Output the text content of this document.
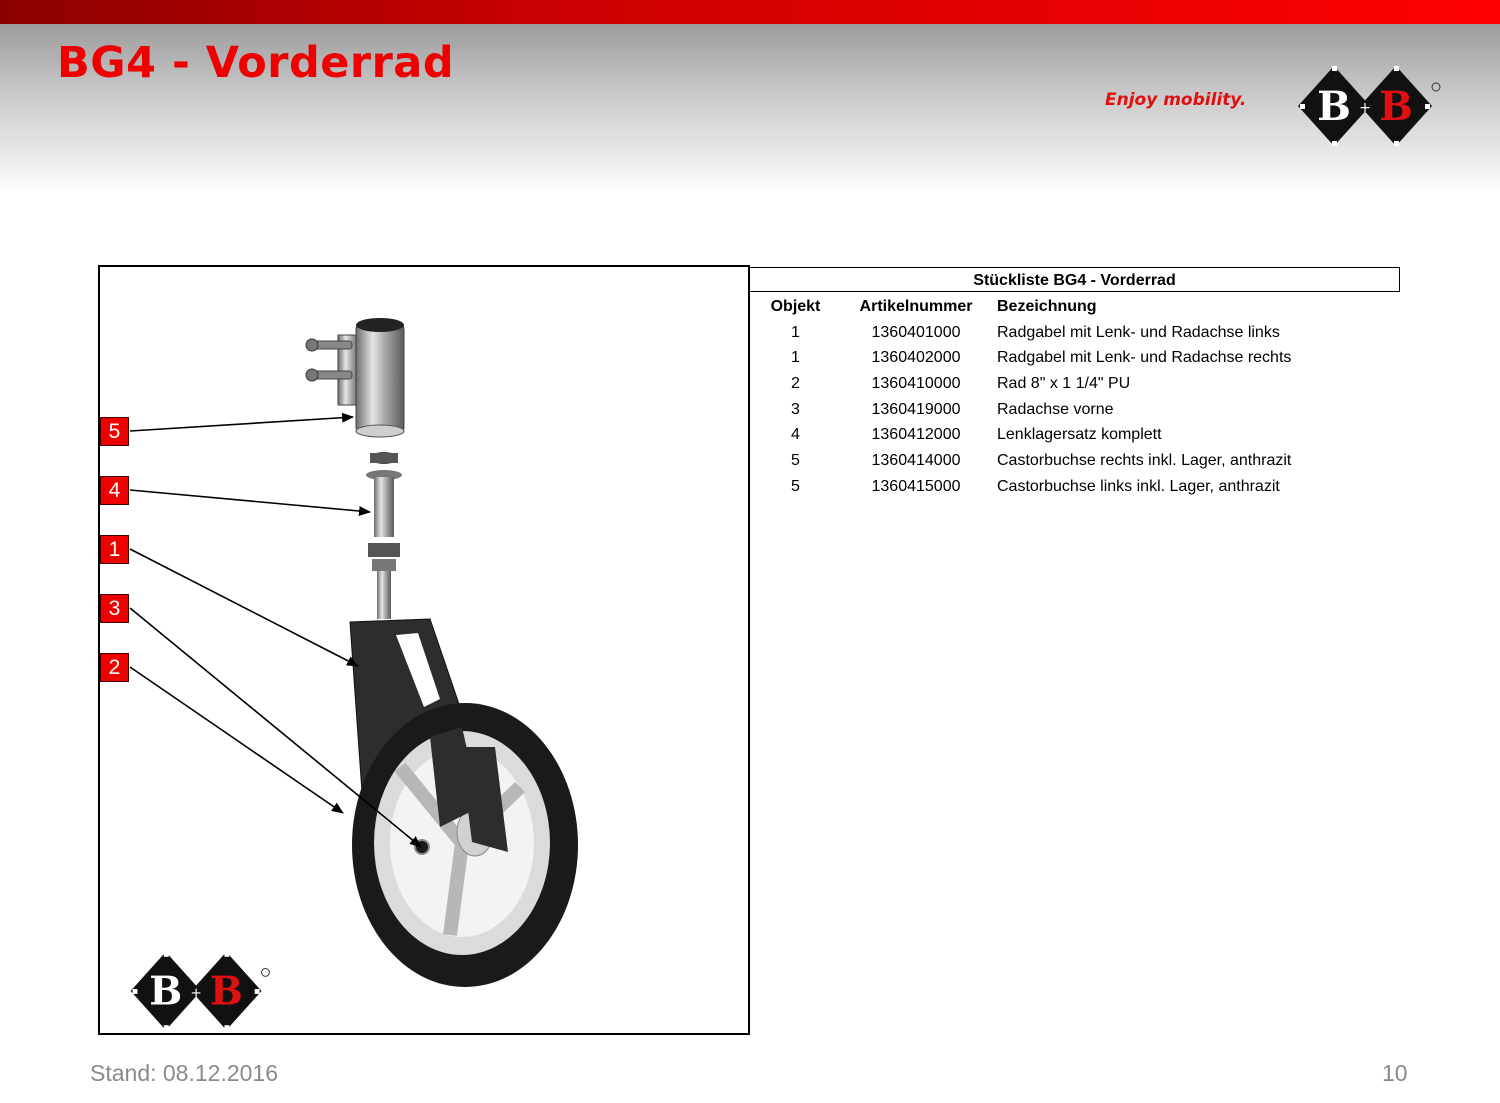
BG4 - Vorderrad
Enjoy mobility. B B
+
5
4
1
3
2
B B
+
Stückliste BG4 - Vorderrad
Objekt	Artikelnummer	Bezeichnung
1	1360401000	Radgabel mit Lenk- und Radachse links
1	1360402000	Radgabel mit Lenk- und Radachse rechts
2	1360410000	Rad 8" x 1 1/4" PU
3	1360419000	Radachse vorne
4	1360412000	Lenklagersatz komplett
5	1360414000	Castorbuchse rechts inkl. Lager, anthrazit
5	1360415000	Castorbuchse links inkl. Lager, anthrazit
Stand: 08.12.2016	10
